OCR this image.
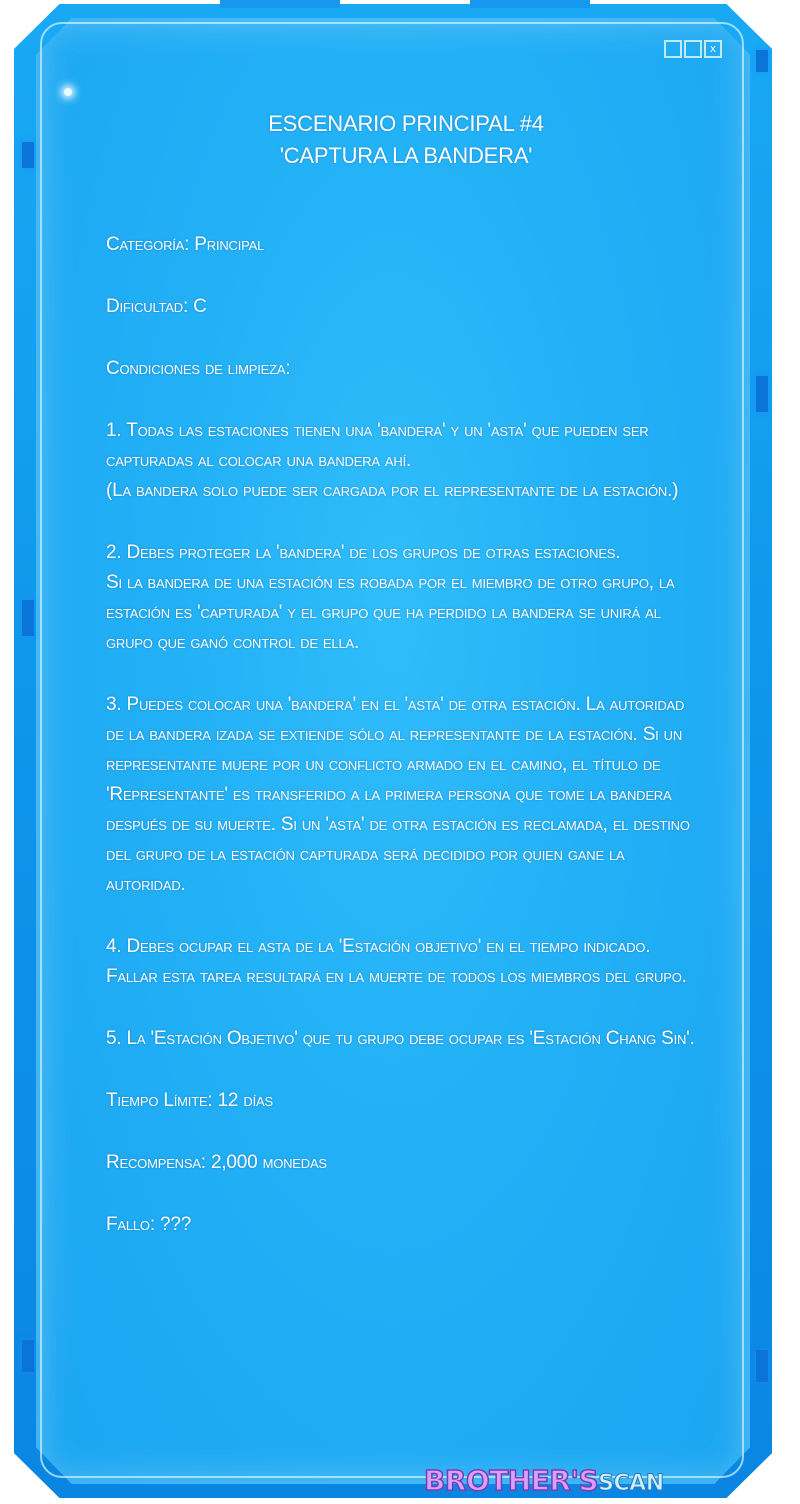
x
ESCENARIO PRINCIPAL #4
'CAPTURA LA BANDERA'
Categoría: Principal
Dificultad: C
Condiciones de limpieza:
1. Todas las estaciones tienen una 'bandera' y un 'asta' que pueden ser capturadas al colocar una bandera ahí.
(La bandera solo puede ser cargada por el representante de la estación.)
2. Debes proteger la 'bandera' de los grupos de otras estaciones.
Si la bandera de una estación es robada por el miembro de otro grupo, la estación es 'capturada' y el grupo que ha perdido la bandera se unirá al grupo que ganó control de ella.
3. Puedes colocar una 'bandera' en el 'asta' de otra estación. La autoridad de la bandera izada se extiende sólo al representante de la estación. Si un representante muere por un conflicto armado en el camino, el título de 'Representante' es transferido a la primera persona que tome la bandera después de su muerte. Si un 'asta' de otra estación es reclamada, el destino del grupo de la estación capturada será decidido por quien gane la autoridad.
4. Debes ocupar el asta de la 'Estación objetivo' en el tiempo indicado. Fallar esta tarea resultará en la muerte de todos los miembros del grupo.
5. La 'Estación Objetivo' que tu grupo debe ocupar es 'Estación Chang Sin'.
Tiempo Límite: 12 días
Recompensa: 2,000 monedas
Fallo: ???
BROTHER'SSCAN
